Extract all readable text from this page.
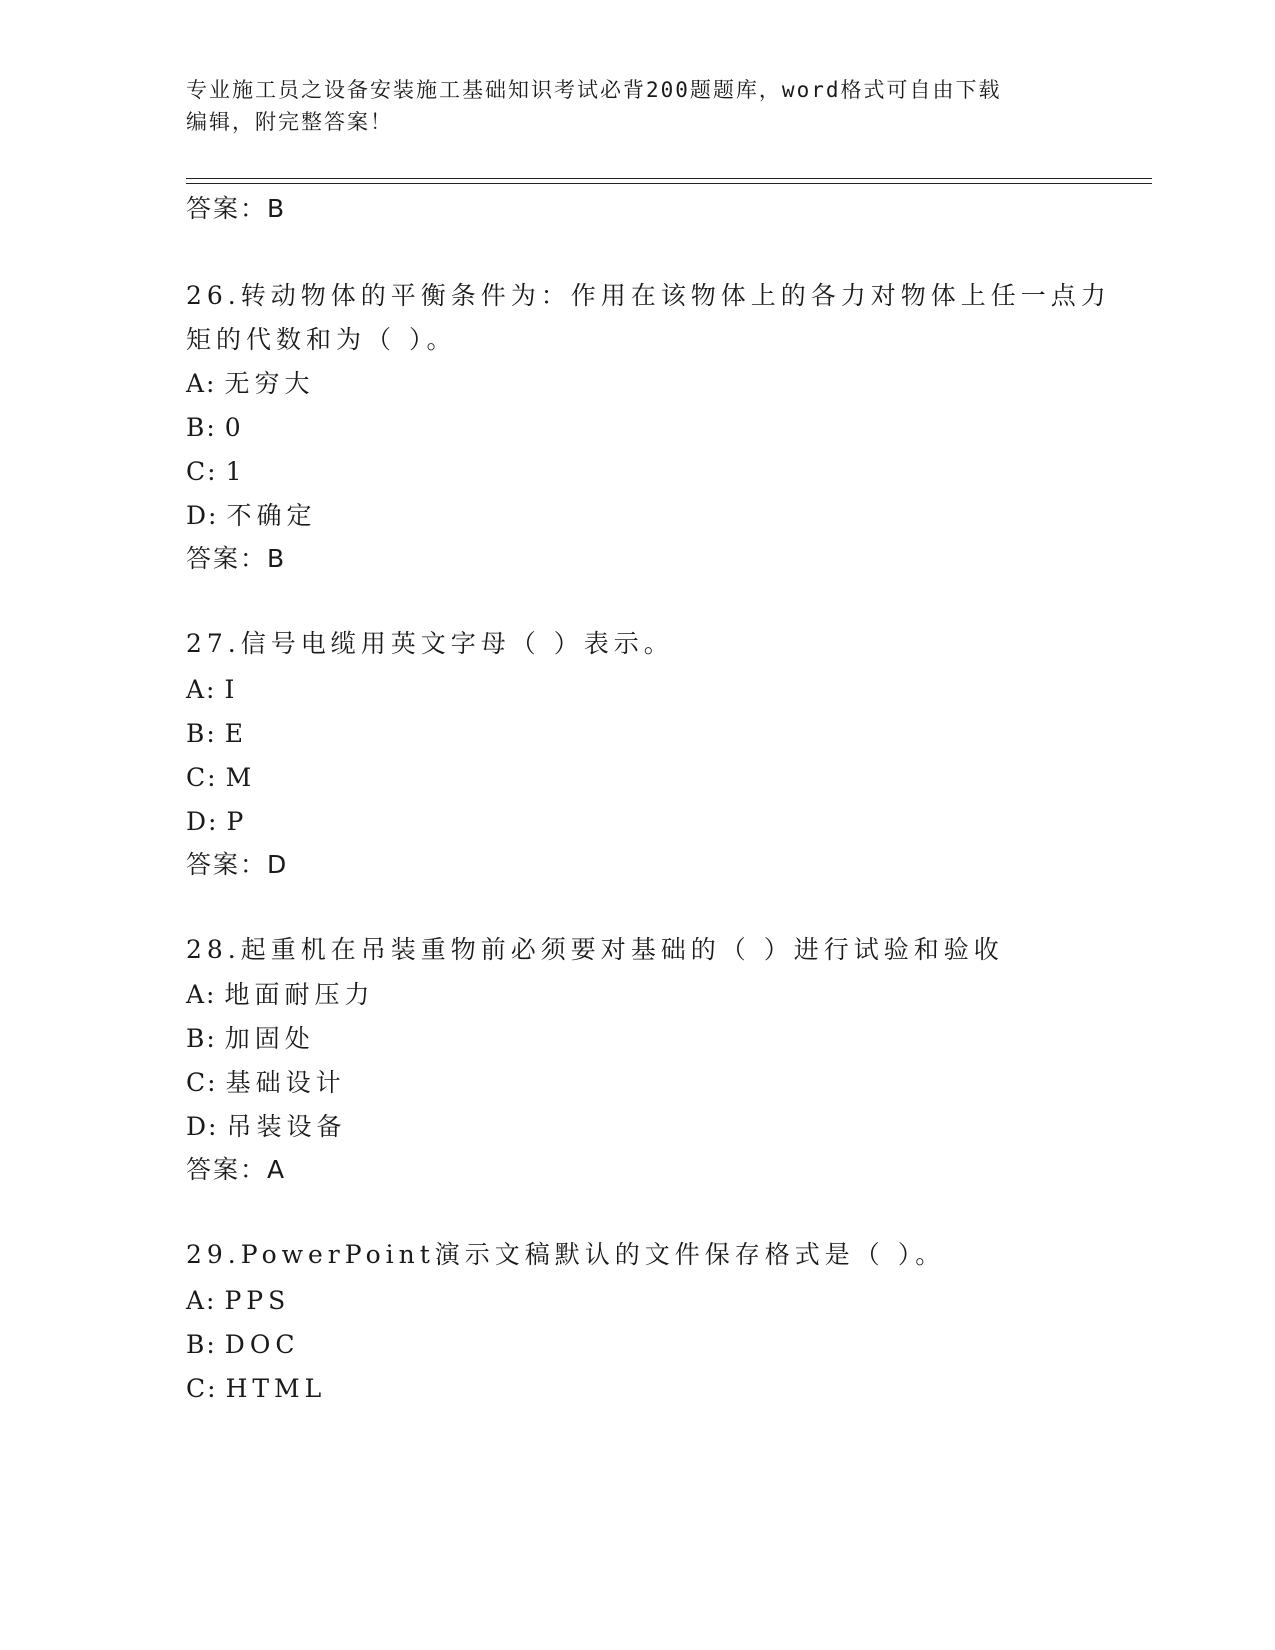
专业施工员之设备安装施工基础知识考试必背200题题库，word格式可自由下载
编辑，附完整答案！
答案：B
26.转动物体的平衡条件为：作用在该物体上的各力对物体上任一点力
矩的代数和为（ ）。
A: 无穷大
B: 0
C: 1
D: 不确定
答案：B
27.信号电缆用英文字母（ ）表示。
A: I
B: E
C: M
D: P
答案：D
28.起重机在吊装重物前必须要对基础的（ ）进行试验和验收
A: 地面耐压力
B: 加固处
C: 基础设计
D: 吊装设备
答案：A
29.PowerPoint演示文稿默认的文件保存格式是（ ）。
A: PPS
B: DOC
C: HTML
